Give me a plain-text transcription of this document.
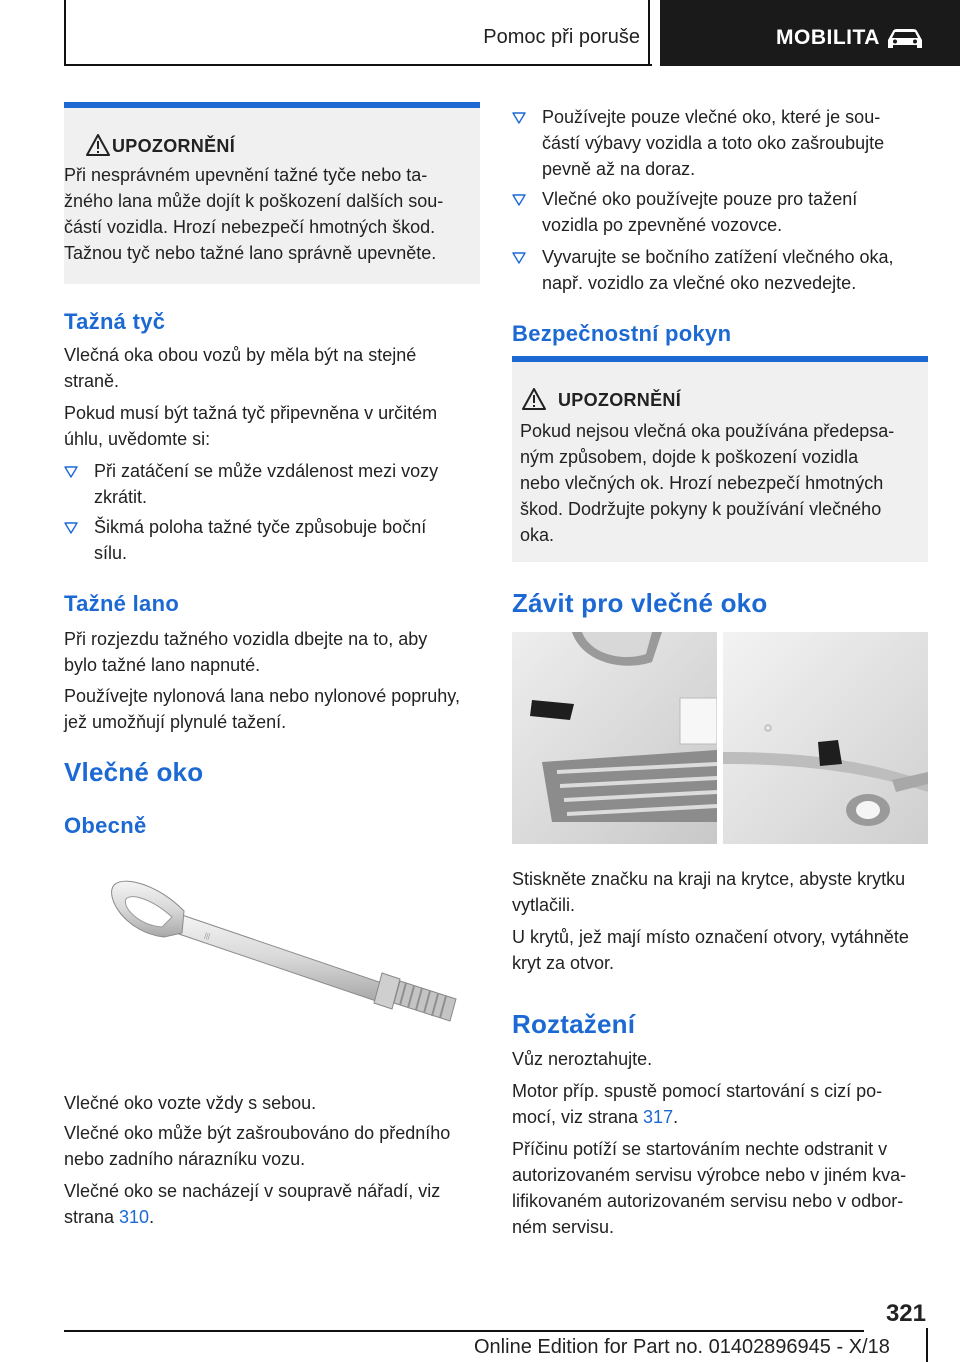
Pomoc při poruše	MOBILITA
UPOZORNĚNÍ
Při nesprávném upevnění tažné tyče nebo ta-
žného lana může dojít k poškození dalších sou-
částí vozidla. Hrozí nebezpečí hmotných škod.
Tažnou tyč nebo tažné lano správně upevněte.
Tažná tyč
Vlečná oka obou vozů by měla být na stejné
straně.
Pokud musí být tažná tyč připevněna v určitém
úhlu, uvědomte si:
Při zatáčení se může vzdálenost mezi vozy
zkrátit.
Šikmá poloha tažné tyče způsobuje boční
sílu.
Tažné lano
Při rozjezdu tažného vozidla dbejte na to, aby
bylo tažné lano napnuté.
Používejte nylonová lana nebo nylonové popruhy,
jež umožňují plynulé tažení.
Vlečné oko
Obecně
|||
Vlečné oko vozte vždy s sebou.
Vlečné oko může být zašroubováno do předního
nebo zadního nárazníku vozu.
Vlečné oko se nacházejí v soupravě nářadí, viz
strana 310.
Používejte pouze vlečné oko, které je sou-
částí výbavy vozidla a toto oko zašroubujte
pevně až na doraz.
Vlečné oko používejte pouze pro tažení
vozidla po zpevněné vozovce.
Vyvarujte se bočního zatížení vlečného oka,
např. vozidlo za vlečné oko nezvedejte.
Bezpečnostní pokyn
UPOZORNĚNÍ
Pokud nejsou vlečná oka používána předepsa-
ným způsobem, dojde k poškození vozidla
nebo vlečných ok. Hrozí nebezpečí hmotných
škod. Dodržujte pokyny k používání vlečného
oka.
Závit pro vlečné oko
Stiskněte značku na kraji na krytce, abyste krytku
vytlačili.
U krytů, jež mají místo označení otvory, vytáhněte
kryt za otvor.
Roztažení
Vůz neroztahujte.
Motor příp. spustě pomocí startování s cizí po-
mocí, viz strana 317.
Příčinu potíží se startováním nechte odstranit v
autorizovaném servisu výrobce nebo v jiném kva-
lifikovaném autorizovaném servisu nebo v odbor-
ném servisu.
321
Online Edition for Part no. 01402896945 - X/18
